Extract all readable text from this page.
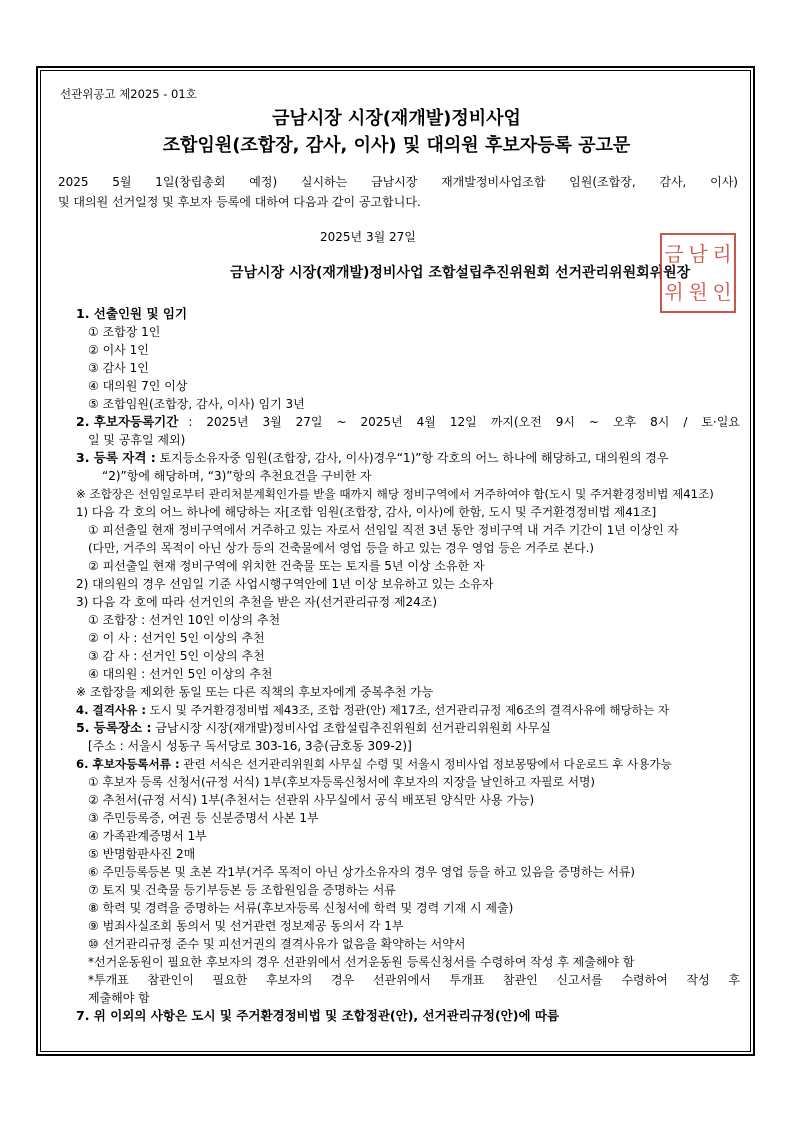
선관위공고 제2025 - 01호
금남시장 시장(재개발)정비사업
조합임원(조합장, 감사, 이사) 및 대의원 후보자등록 공고문
2025 5월 1일(창립총회 예정) 실시하는 금남시장 재개발정비사업조합 임원(조합장, 감사, 이사)
및 대의원 선거일정 및 후보자 등록에 대하여 다음과 같이 공고합니다.
2025년 3월 27일
금남시장 시장(재개발)정비사업 조합설립추진위원회 선거관리위원회위원장
금 남 리
위 원 인
1. 선출인원 및 임기
① 조합장 1인
② 이사 1인
③ 감사 1인
④ 대의원 7인 이상
⑤ 조합임원(조합장, 감사, 이사) 임기 3년
2. 후보자등록기간 : 2025년 3월 27일 ~ 2025년 4월 12일 까지(오전 9시 ~ 오후 8시 / 토·일요
일 및 공휴일 제외)
3. 등록 자격 : 토지등소유자중 임원(조합장, 감사, 이사)경우“1)”항 각호의 어느 하나에 해당하고, 대의원의 경우
“2)”항에 해당하며, “3)”항의 추천요건을 구비한 자
※ 조합장은 선임일로부터 관리처분계획인가를 받을 때까지 해당 정비구역에서 거주하여야 함(도시 및 주거환경정비법 제41조)
1) 다음 각 호의 어느 하나에 해당하는 자[조합 임원(조합장, 감사, 이사)에 한함, 도시 및 주거환경정비법 제41조]
① 피선출일 현재 정비구역에서 거주하고 있는 자로서 선임일 직전 3년 동안 정비구역 내 거주 기간이 1년 이상인 자
(다만, 거주의 목적이 아닌 상가 등의 건축물에서 영업 등을 하고 있는 경우 영업 등은 거주로 본다.)
② 피선출일 현재 정비구역에 위치한 건축물 또는 토지를 5년 이상 소유한 자
2) 대의원의 경우 선임일 기준 사업시행구역안에 1년 이상 보유하고 있는 소유자
3) 다음 각 호에 따라 선거인의 추천을 받은 자(선거관리규정 제24조)
① 조합장 : 선거인 10인 이상의 추천
② 이 사 : 선거인 5인 이상의 추천
③ 감 사 : 선거인 5인 이상의 추천
④ 대의원 : 선거인 5인 이상의 추천
※ 조합장을 제외한 동일 또는 다른 직책의 후보자에게 중복추천 가능
4. 결격사유 : 도시 및 주거환경정비법 제43조, 조합 정관(안) 제17조, 선거관리규정 제6조의 결격사유에 해당하는 자
5. 등록장소 : 금남시장 시장(재개발)정비사업 조합설립추진위원회 선거관리위원회 사무실
[주소 : 서울시 성동구 독서당로 303-16, 3층(금호동 309-2)]
6. 후보자등록서류 : 관련 서식은 선거관리위원회 사무실 수령 및 서울시 정비사업 정보몽땅에서 다운로드 후 사용가능
① 후보자 등록 신청서(규정 서식) 1부(후보자등록신청서에 후보자의 지장을 날인하고 자필로 서명)
② 추천서(규정 서식) 1부(추천서는 선관위 사무실에서 공식 배포된 양식만 사용 가능)
③ 주민등록증, 여권 등 신분증명서 사본 1부
④ 가족관계증명서 1부
⑤ 반명함판사진 2매
⑥ 주민등록등본 및 초본 각1부(거주 목적이 아닌 상가소유자의 경우 영업 등을 하고 있음을 증명하는 서류)
⑦ 토지 및 건축물 등기부등본 등 조합원임을 증명하는 서류
⑧ 학력 및 경력을 증명하는 서류(후보자등록 신청서에 학력 및 경력 기재 시 제출)
⑨ 범죄사실조회 동의서 및 선거관련 정보제공 동의서 각 1부
⑩ 선거관리규정 준수 및 피선거권의 결격사유가 없음을 확약하는 서약서
*선거운동원이 필요한 후보자의 경우 선관위에서 선거운동원 등록신청서를 수령하여 작성 후 제출해야 함
*투개표 참관인이 필요한 후보자의 경우 선관위에서 투개표 참관인 신고서를 수령하여 작성 후
제출해야 함
7. 위 이외의 사항은 도시 및 주거환경정비법 및 조합정관(안), 선거관리규정(안)에 따름
